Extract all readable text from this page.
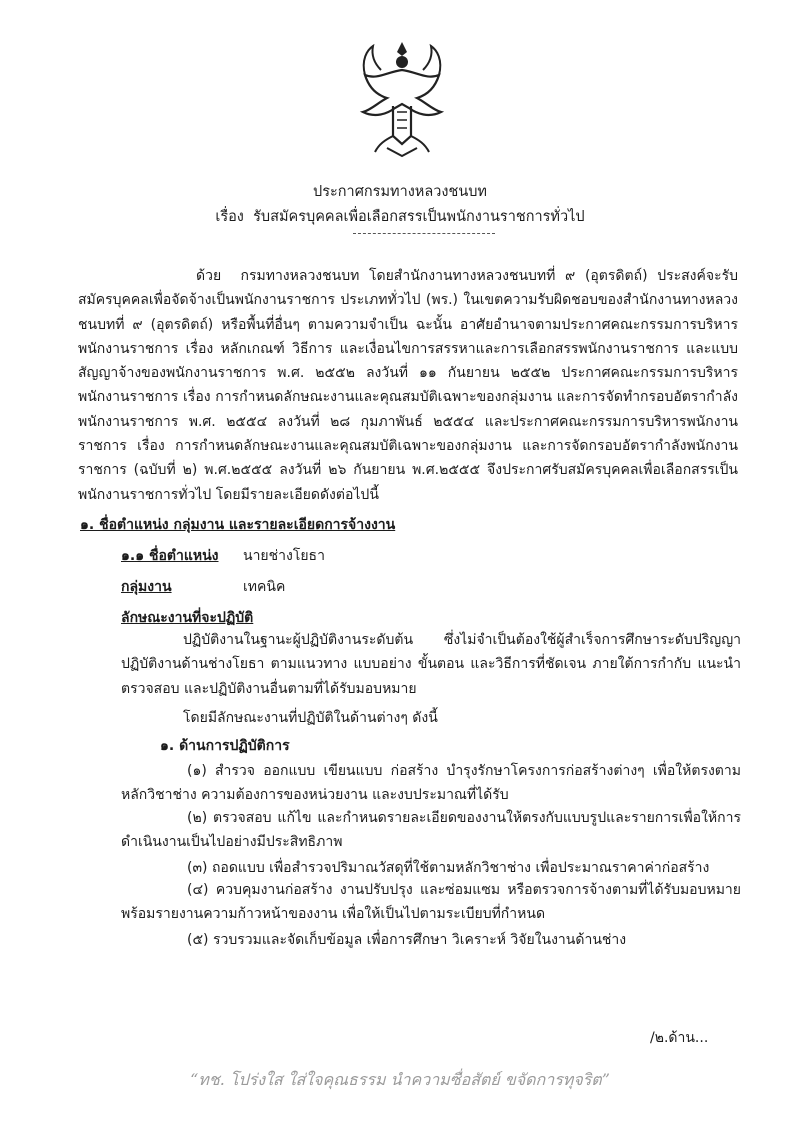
ประกาศกรมทางหลวงชนบท
เรื่อง รับสมัครบุคคลเพื่อเลือกสรรเป็นพนักงานราชการทั่วไป

ด้วย กรมทางหลวงชนบท โดยสำนักงานทางหลวงชนบทที่ ๙ (อุตรดิตถ์) ประสงค์จะรับสมัครบุคคลเพื่อจัดจ้างเป็นพนักงานราชการ ประเภททั่วไป (พร.) ในเขตความรับผิดชอบของสำนักงานทางหลวงชนบทที่ ๙ (อุตรดิตถ์) หรือพื้นที่อื่นๆ ตามความจำเป็น ฉะนั้น อาศัยอำนาจตามประกาศคณะกรรมการบริหารพนักงานราชการ เรื่อง หลักเกณฑ์ วิธีการ และเงื่อนไขการสรรหาและการเลือกสรรพนักงานราชการ และแบบสัญญาจ้างของพนักงานราชการ พ.ศ. ๒๕๕๒ ลงวันที่ ๑๑ กันยายน ๒๕๕๒ ประกาศคณะกรรมการบริหารพนักงานราชการ เรื่อง การกำหนดลักษณะงานและคุณสมบัติเฉพาะของกลุ่มงาน และการจัดทำกรอบอัตรากำลังพนักงานราชการ พ.ศ. ๒๕๕๔ ลงวันที่ ๒๘ กุมภาพันธ์ ๒๕๕๔ และประกาศคณะกรรมการบริหารพนักงานราชการ เรื่อง การกำหนดลักษณะงานและคุณสมบัติเฉพาะของกลุ่มงาน และการจัดกรอบอัตรากำลังพนักงานราชการ (ฉบับที่ ๒) พ.ศ.๒๕๕๕ ลงวันที่ ๒๖ กันยายน พ.ศ.๒๕๕๕ จึงประกาศรับสมัครบุคคลเพื่อเลือกสรรเป็นพนักงานราชการทั่วไป โดยมีรายละเอียดดังต่อไปนี้

๑. ชื่อตำแหน่ง กลุ่มงาน และรายละเอียดการจ้างงาน
๑.๑ ชื่อตำแหน่ง นายช่างโยธา
กลุ่มงาน	เทคนิค
ลักษณะงานที่จะปฏิบัติ

ปฏิบัติงานในฐานะผู้ปฏิบัติงานระดับต้น ซึ่งไม่จำเป็นต้องใช้ผู้สำเร็จการศึกษาระดับปริญญา ปฏิบัติงานด้านช่างโยธา ตามแนวทาง แบบอย่าง ขั้นตอน และวิธีการที่ชัดเจน ภายใต้การกำกับ แนะนำ ตรวจสอบ และปฏิบัติงานอื่นตามที่ได้รับมอบหมาย

โดยมีลักษณะงานที่ปฏิบัติในด้านต่างๆ ดังนี้
๑. ด้านการปฏิบัติการ

(๑) สำรวจ ออกแบบ เขียนแบบ ก่อสร้าง บำรุงรักษาโครงการก่อสร้างต่างๆ เพื่อให้ตรงตามหลักวิชาช่าง ความต้องการของหน่วยงาน และงบประมาณที่ได้รับ

(๒) ตรวจสอบ แก้ไข และกำหนดรายละเอียดของงานให้ตรงกับแบบรูปและรายการเพื่อให้การดำเนินงานเป็นไปอย่างมีประสิทธิภาพ

(๓) ถอดแบบ เพื่อสำรวจปริมาณวัสดุที่ใช้ตามหลักวิชาช่าง เพื่อประมาณราคาค่าก่อสร้าง

(๔) ควบคุมงานก่อสร้าง งานปรับปรุง และซ่อมแซม หรือตรวจการจ้างตามที่ได้รับมอบหมาย พร้อมรายงานความก้าวหน้าของงาน เพื่อให้เป็นไปตามระเบียบที่กำหนด

(๕) รวบรวมและจัดเก็บข้อมูล เพื่อการศึกษา วิเคราะห์ วิจัยในงานด้านช่าง
/๒.ด้าน...
“ทช. โปร่งใส ใส่ใจคุณธรรม นำความซื่อสัตย์ ขจัดการทุจริต”
